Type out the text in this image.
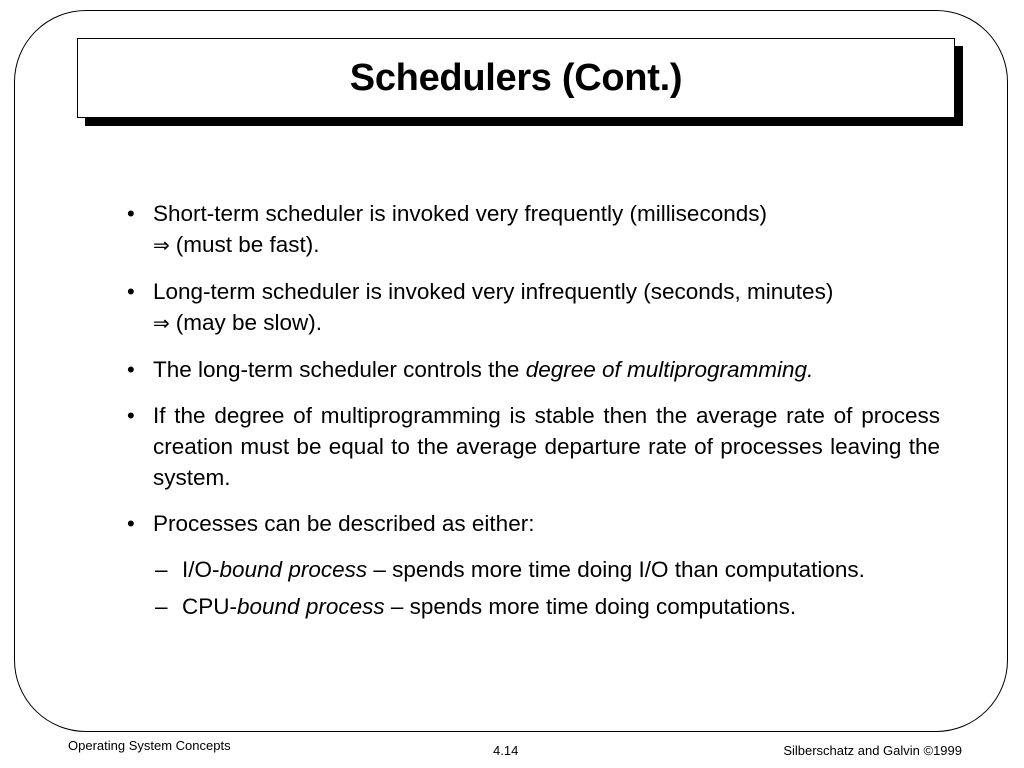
Schedulers (Cont.)
• Short-term scheduler is invoked very frequently (milliseconds)
⇒ (must be fast).
• Long-term scheduler is invoked very infrequently (seconds, minutes)
⇒ (may be slow).
• The long-term scheduler controls the degree of multiprogramming.
• If the degree of multiprogramming is stable then the average rate of process creation must be equal to the average departure rate of processes leaving the system.
• Processes can be described as either:
– I/O-bound process – spends more time doing I/O than computations.
– CPU-bound process – spends more time doing computations.
Operating System Concepts	4.14	Silberschatz and Galvin ©1999
